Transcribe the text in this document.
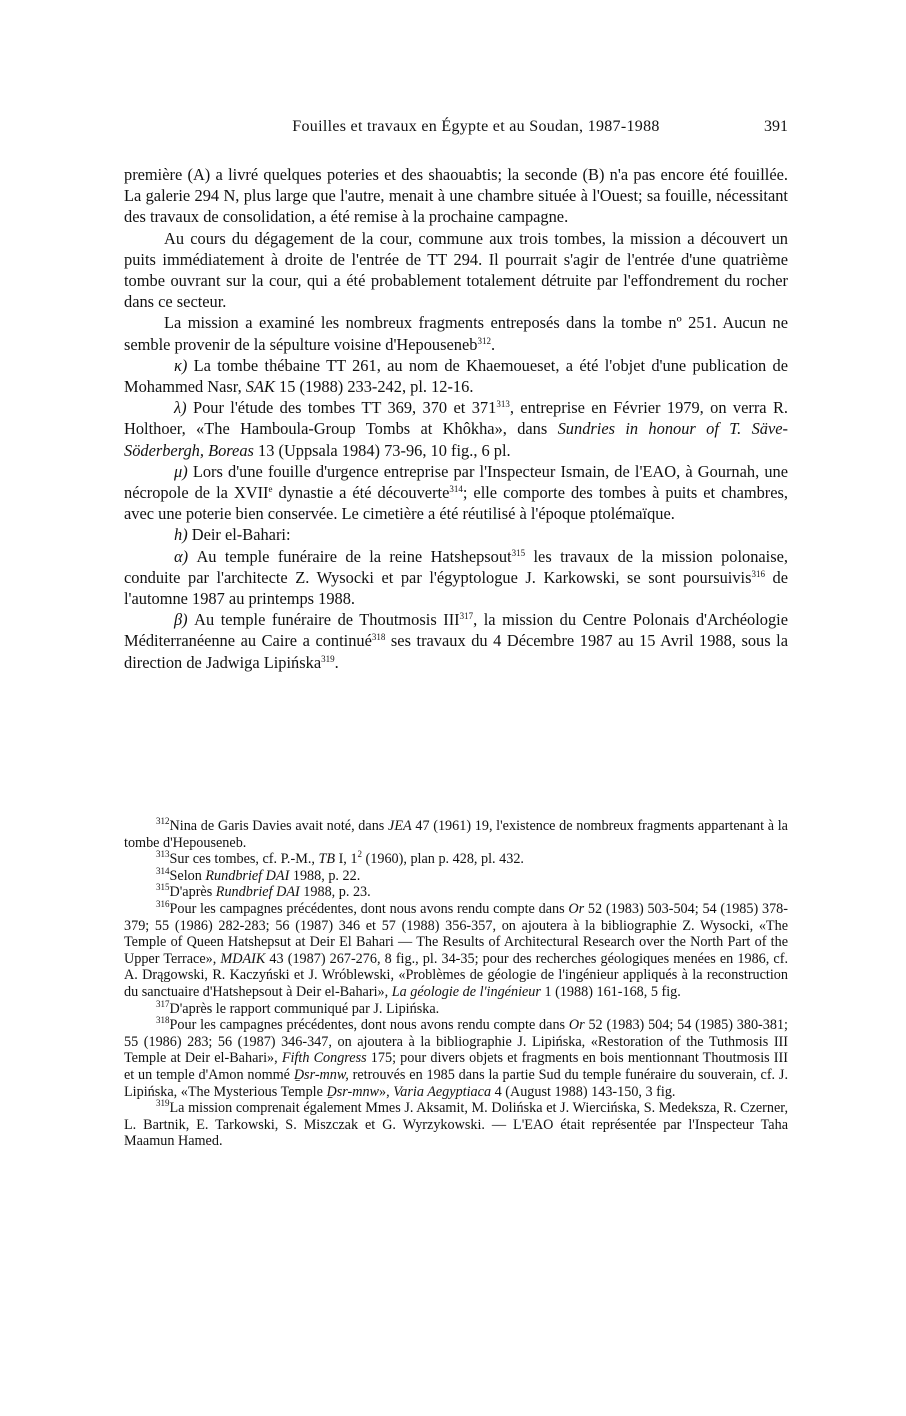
Fouilles et travaux en Égypte et au Soudan, 1987-1988	391

première (A) a livré quelques poteries et des shaouabtis; la seconde (B) n'a pas encore été fouillée. La galerie 294 N, plus large que l'autre, menait à une chambre située à l'Ouest; sa fouille, nécessitant des travaux de consolidation, a été remise à la prochaine campagne.

Au cours du dégagement de la cour, commune aux trois tombes, la mission a découvert un puits immédiatement à droite de l'entrée de TT 294. Il pourrait s'agir de l'entrée d'une quatrième tombe ouvrant sur la cour, qui a été probablement totalement détruite par l'effondrement du rocher dans ce secteur.

La mission a examiné les nombreux fragments entreposés dans la tombe nº 251. Aucun ne semble provenir de la sépulture voisine d'Hepouseneb$^{312}$.

κ) La tombe thébaine TT 261, au nom de Khaemoueset, a été l'objet d'une publication de Mohammed Nasr, SAK 15 (1988) 233-242, pl. 12-16.

λ) Pour l'étude des tombes TT 369, 370 et $371^{313}$, entreprise en Février 1979, on verra R. Holthoer, «The Hamboula-Group Tombs at Khôkha», dans Sundries in honour of T. Säve-Söderbergh, Boreas 13 (Uppsala 1984) 73-96, 10 fig., 6 pl.

μ) Lors d'une fouille d'urgence entreprise par l'Inspecteur Ismain, de l'EAO, à Gournah, une nécropole de la XVIIe dynastie a été découverte$^{314}$; elle comporte des tombes à puits et chambres, avec une poterie bien conservée. Le cimetière a été réutilisé à l'époque ptolémaïque.

h) Deir el-Bahari:

α) Au temple funéraire de la reine Hatshepsout$^{315}$ les travaux de la mission polonaise, conduite par l'architecte Z. Wysocki et par l'égyptologue J. Karkowski, se sont poursuivis$^{316}$ de l'automne 1987 au printemps 1988.

β) Au temple funéraire de Thoutmosis III$^{317}$, la mission du Centre Polonais d'Archéologie Méditerranéenne au Caire a continué$^{318}$ ses travaux du 4 Décembre 1987 au 15 Avril 1988, sous la direction de Jadwiga Lipińska$^{319}$.

$^{312}$Nina de Garis Davies avait noté, dans JEA 47 (1961) 19, l'existence de nombreux fragments appartenant à la tombe d'Hepouseneb.

$^{313}$Sur ces tombes, cf. P.-M., TB I, $1^2$ (1960), plan p. 428, pl. 432.

$^{314}$Selon Rundbrief DAI 1988, p. 22.

$^{315}$D'après Rundbrief DAI 1988, p. 23.

$^{316}$Pour les campagnes précédentes, dont nous avons rendu compte dans Or 52 (1983) 503-504; 54 (1985) 378-379; 55 (1986) 282-283; 56 (1987) 346 et 57 (1988) 356-357, on ajoutera à la bibliographie Z. Wysocki, «The Temple of Queen Hatshepsut at Deir El Bahari — The Results of Architectural Research over the North Part of the Upper Terrace», MDAIK 43 (1987) 267-276, 8 fig., pl. 34-35; pour des recherches géologiques menées en 1986, cf. A. Drągowski, R. Kaczyński et J. Wróblewski, «Problèmes de géologie de l'ingénieur appliqués à la reconstruction du sanctuaire d'Hatshepsout à Deir el-Bahari», La géologie de l'ingénieur 1 (1988) 161-168, 5 fig.

$^{317}$D'après le rapport communiqué par J. Lipińska.

$^{318}$Pour les campagnes précédentes, dont nous avons rendu compte dans Or 52 (1983) 504; 54 (1985) 380-381; 55 (1986) 283; 56 (1987) 346-347, on ajoutera à la bibliographie J. Lipińska, «Restoration of the Tuthmosis III Temple at Deir el-Bahari», Fifth Congress 175; pour divers objets et fragments en bois mentionnant Thoutmosis III et un temple d'Amon nommé Ḏsr-mnw, retrouvés en 1985 dans la partie Sud du temple funéraire du souverain, cf. J. Lipińska, «The Mysterious Temple Ḏsr-mnw», Varia Aegyptiaca 4 (August 1988) 143-150, 3 fig.

$^{319}$La mission comprenait également Mmes J. Aksamit, M. Dolińska et J. Wiercińska, S. Medeksza, R. Czerner, L. Bartnik, E. Tarkowski, S. Miszczak et G. Wyrzykowski. — L'EAO était représentée par l'Inspecteur Taha Maamun Hamed.
